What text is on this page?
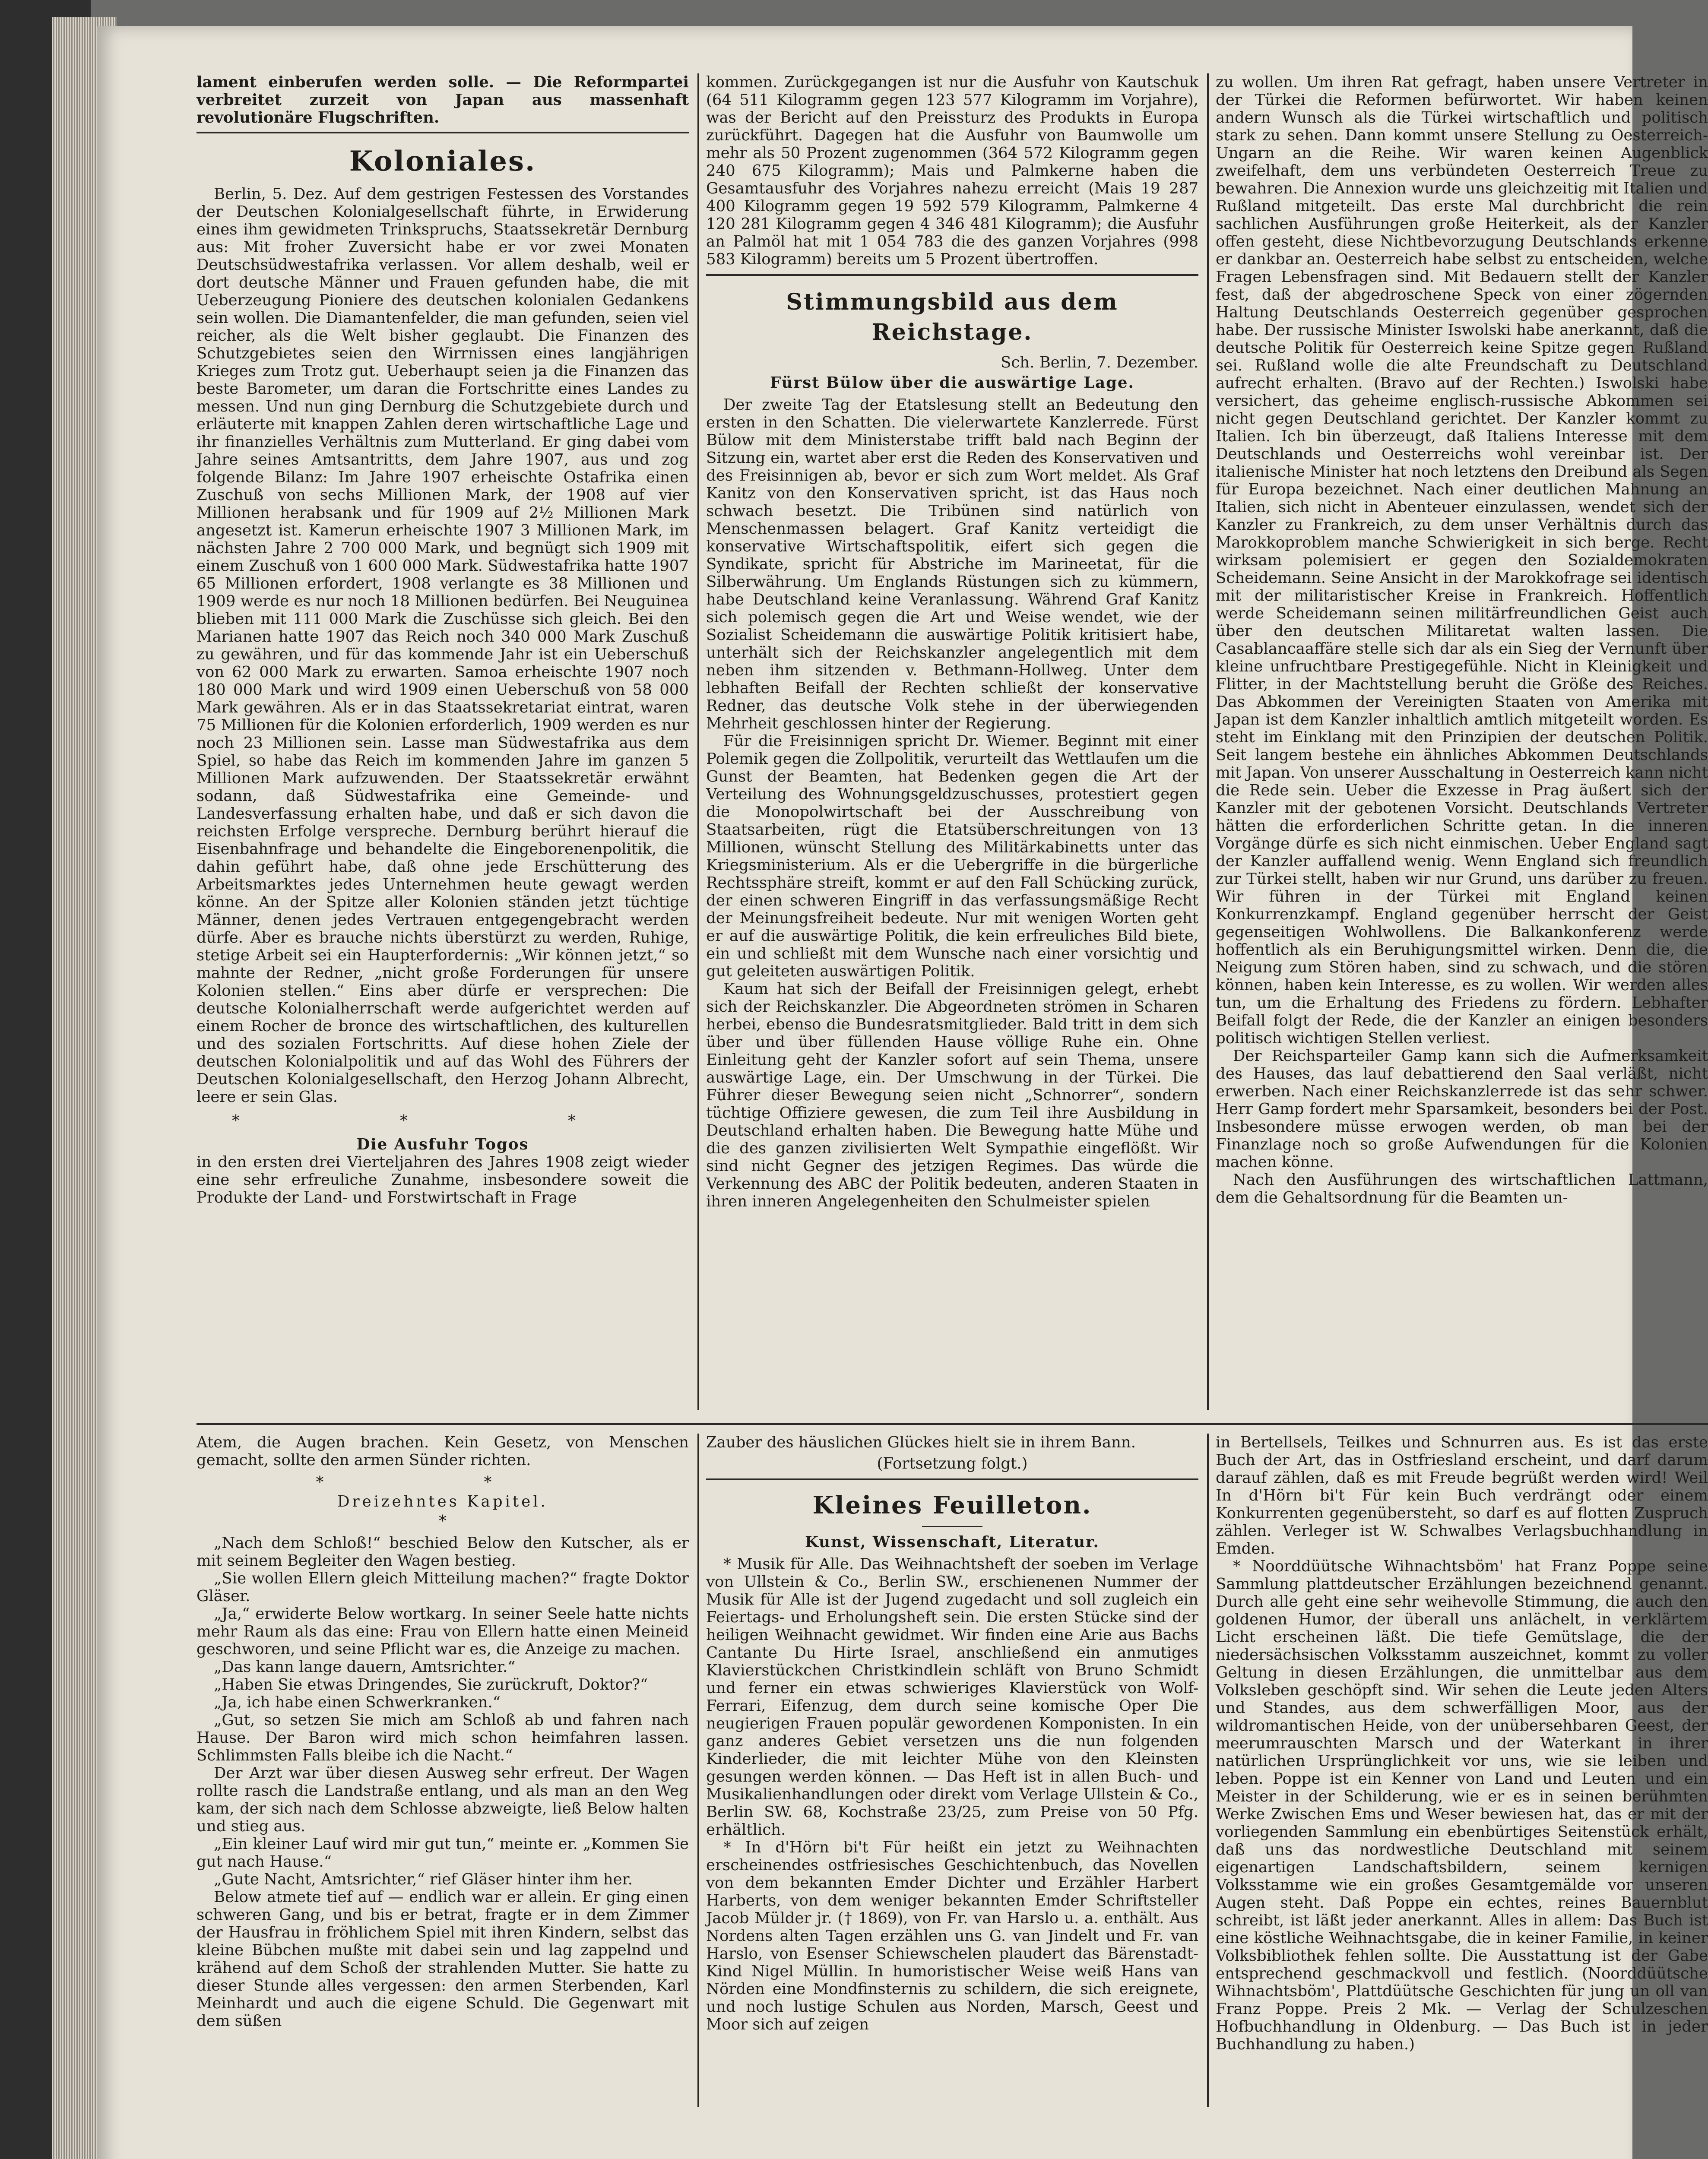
lament einberufen werden solle. — Die Reformpartei verbreitet zurzeit von Japan aus massenhaft revolutionäre Flugschriften.

Koloniales.

Berlin, 5. Dez. Auf dem gestrigen Festessen des Vorstandes der Deutschen Kolonialgesellschaft führte, in Erwiderung eines ihm gewidmeten Trinkspruchs, Staatssekretär Dernburg aus: Mit froher Zuversicht habe er vor zwei Monaten Deutschsüdwestafrika verlassen. Vor allem deshalb, weil er dort deutsche Männer und Frauen gefunden habe, die mit Ueberzeugung Pioniere des deutschen kolonialen Gedankens sein wollen. Die Diamantenfelder, die man gefunden, seien viel reicher, als die Welt bisher geglaubt. Die Finanzen des Schutzgebietes seien den Wirrnissen eines langjährigen Krieges zum Trotz gut. Ueberhaupt seien ja die Finanzen das beste Barometer, um daran die Fortschritte eines Landes zu messen. Und nun ging Dernburg die Schutzgebiete durch und erläuterte mit knappen Zahlen deren wirtschaftliche Lage und ihr finanzielles Verhältnis zum Mutterland. Er ging dabei vom Jahre seines Amtsantritts, dem Jahre 1907, aus und zog folgende Bilanz: Im Jahre 1907 erheischte Ostafrika einen Zuschuß von sechs Millionen Mark, der 1908 auf vier Millionen herabsank und für 1909 auf 2½ Millionen Mark angesetzt ist. Kamerun erheischte 1907 3 Millionen Mark, im nächsten Jahre 2 700 000 Mark, und begnügt sich 1909 mit einem Zuschuß von 1 600 000 Mark. Südwestafrika hatte 1907 65 Millionen erfordert, 1908 verlangte es 38 Millionen und 1909 werde es nur noch 18 Millionen bedürfen. Bei Neuguinea blieben mit 111 000 Mark die Zuschüsse sich gleich. Bei den Marianen hatte 1907 das Reich noch 340 000 Mark Zuschuß zu gewähren, und für das kommende Jahr ist ein Ueberschuß von 62 000 Mark zu erwarten. Samoa erheischte 1907 noch 180 000 Mark und wird 1909 einen Ueberschuß von 58 000 Mark gewähren. Als er in das Staatssekretariat eintrat, waren 75 Millionen für die Kolonien erforderlich, 1909 werden es nur noch 23 Millionen sein. Lasse man Südwestafrika aus dem Spiel, so habe das Reich im kommenden Jahre im ganzen 5 Millionen Mark aufzuwenden. Der Staatssekretär erwähnt sodann, daß Südwestafrika eine Gemeinde- und Landesverfassung erhalten habe, und daß er sich davon die reichsten Erfolge verspreche. Dernburg berührt hierauf die Eisenbahnfrage und behandelte die Eingeborenenpolitik, die dahin geführt habe, daß ohne jede Erschütterung des Arbeitsmarktes jedes Unternehmen heute gewagt werden könne. An der Spitze aller Kolonien ständen jetzt tüchtige Männer, denen jedes Vertrauen entgegengebracht werden dürfe. Aber es brauche nichts überstürzt zu werden, Ruhige, stetige Arbeit sei ein Haupterfordernis: „Wir können jetzt,“ so mahnte der Redner, „nicht große Forderungen für unsere Kolonien stellen.“ Eins aber dürfe er versprechen: Die deutsche Kolonialherrschaft werde aufgerichtet werden auf einem Rocher de bronce des wirtschaftlichen, des kulturellen und des sozialen Fortschritts. Auf diese hohen Ziele der deutschen Kolonialpolitik und auf das Wohl des Führers der Deutschen Kolonialgesellschaft, den Herzog Johann Albrecht, leere er sein Glas.

* * *

Die Ausfuhr Togos

in den ersten drei Vierteljahren des Jahres 1908 zeigt wieder eine sehr erfreuliche Zunahme, insbesondere soweit die Produkte der Land- und Forstwirtschaft in Frage

kommen. Zurückgegangen ist nur die Ausfuhr von Kautschuk (64 511 Kilogramm gegen 123 577 Kilogramm im Vorjahre), was der Bericht auf den Preissturz des Produkts in Europa zurückführt. Dagegen hat die Ausfuhr von Baumwolle um mehr als 50 Prozent zugenommen (364 572 Kilogramm gegen 240 675 Kilogramm); Mais und Palmkerne haben die Gesamtausfuhr des Vorjahres nahezu erreicht (Mais 19 287 400 Kilogramm gegen 19 592 579 Kilogramm, Palmkerne 4 120 281 Kilogramm gegen 4 346 481 Kilogramm); die Ausfuhr an Palmöl hat mit 1 054 783 die des ganzen Vorjahres (998 583 Kilogramm) bereits um 5 Prozent übertroffen.

Stimmungsbild aus dem Reichstage.

Sch. Berlin, 7. Dezember.

Fürst Bülow über die auswärtige Lage.

Der zweite Tag der Etatslesung stellt an Bedeutung den ersten in den Schatten. Die vielerwartete Kanzlerrede. Fürst Bülow mit dem Ministerstabe trifft bald nach Beginn der Sitzung ein, wartet aber erst die Reden des Konservativen und des Freisinnigen ab, bevor er sich zum Wort meldet. Als Graf Kanitz von den Konservativen spricht, ist das Haus noch schwach besetzt. Die Tribünen sind natürlich von Menschenmassen belagert. Graf Kanitz verteidigt die konservative Wirtschaftspolitik, eifert sich gegen die Syndikate, spricht für Abstriche im Marineetat, für die Silberwährung. Um Englands Rüstungen sich zu kümmern, habe Deutschland keine Veranlassung. Während Graf Kanitz sich polemisch gegen die Art und Weise wendet, wie der Sozialist Scheidemann die auswärtige Politik kritisiert habe, unterhält sich der Reichskanzler angelegentlich mit dem neben ihm sitzenden v. Bethmann-Hollweg. Unter dem lebhaften Beifall der Rechten schließt der konservative Redner, das deutsche Volk stehe in der überwiegenden Mehrheit geschlossen hinter der Regierung.

Für die Freisinnigen spricht Dr. Wiemer. Beginnt mit einer Polemik gegen die Zollpolitik, verurteilt das Wettlaufen um die Gunst der Beamten, hat Bedenken gegen die Art der Verteilung des Wohnungsgeldzuschusses, protestiert gegen die Monopolwirtschaft bei der Ausschreibung von Staatsarbeiten, rügt die Etatsüberschreitungen von 13 Millionen, wünscht Stellung des Militärkabinetts unter das Kriegsministerium. Als er die Uebergriffe in die bürgerliche Rechtssphäre streift, kommt er auf den Fall Schücking zurück, der einen schweren Eingriff in das verfassungsmäßige Recht der Meinungsfreiheit bedeute. Nur mit wenigen Worten geht er auf die auswärtige Politik, die kein erfreuliches Bild biete, ein und schließt mit dem Wunsche nach einer vorsichtig und gut geleiteten auswärtigen Politik.

Kaum hat sich der Beifall der Freisinnigen gelegt, erhebt sich der Reichskanzler. Die Abgeordneten strömen in Scharen herbei, ebenso die Bundesratsmitglieder. Bald tritt in dem sich über und über füllenden Hause völlige Ruhe ein. Ohne Einleitung geht der Kanzler sofort auf sein Thema, unsere auswärtige Lage, ein. Der Umschwung in der Türkei. Die Führer dieser Bewegung seien nicht „Schnorrer“, sondern tüchtige Offiziere gewesen, die zum Teil ihre Ausbildung in Deutschland erhalten haben. Die Bewegung hatte Mühe und die des ganzen zivilisierten Welt Sympathie eingeflößt. Wir sind nicht Gegner des jetzigen Regimes. Das würde die Verkennung des ABC der Politik bedeuten, anderen Staaten in ihren inneren Angelegenheiten den Schulmeister spielen

zu wollen. Um ihren Rat gefragt, haben unsere Vertreter in der Türkei die Reformen befürwortet. Wir haben keinen andern Wunsch als die Türkei wirtschaftlich und politisch stark zu sehen. Dann kommt unsere Stellung zu Oesterreich-Ungarn an die Reihe. Wir waren keinen Augenblick zweifelhaft, dem uns verbündeten Oesterreich Treue zu bewahren. Die Annexion wurde uns gleichzeitig mit Italien und Rußland mitgeteilt. Das erste Mal durchbricht die rein sachlichen Ausführungen große Heiterkeit, als der Kanzler offen gesteht, diese Nichtbevorzugung Deutschlands erkenne er dankbar an. Oesterreich habe selbst zu entscheiden, welche Fragen Lebensfragen sind. Mit Bedauern stellt der Kanzler fest, daß der abgedroschene Speck von einer zögernden Haltung Deutschlands Oesterreich gegenüber gesprochen habe. Der russische Minister Iswolski habe anerkannt, daß die deutsche Politik für Oesterreich keine Spitze gegen Rußland sei. Rußland wolle die alte Freundschaft zu Deutschland aufrecht erhalten. (Bravo auf der Rechten.) Iswolski habe versichert, das geheime englisch-russische Abkommen sei nicht gegen Deutschland gerichtet. Der Kanzler kommt zu Italien. Ich bin überzeugt, daß Italiens Interesse mit dem Deutschlands und Oesterreichs wohl vereinbar ist. Der italienische Minister hat noch letztens den Dreibund als Segen für Europa bezeichnet. Nach einer deutlichen Mahnung an Italien, sich nicht in Abenteuer einzulassen, wendet sich der Kanzler zu Frankreich, zu dem unser Verhältnis durch das Marokkoproblem manche Schwierigkeit in sich berge. Recht wirksam polemisiert er gegen den Sozialdemokraten Scheidemann. Seine Ansicht in der Marokkofrage sei identisch mit der militaristischer Kreise in Frankreich. Hoffentlich werde Scheidemann seinen militärfreundlichen Geist auch über den deutschen Militaretat walten lassen. Die Casablancaaffäre stelle sich dar als ein Sieg der Vernunft über kleine unfruchtbare Prestigegefühle. Nicht in Kleinigkeit und Flitter, in der Machtstellung beruht die Größe des Reiches. Das Abkommen der Vereinigten Staaten von Amerika mit Japan ist dem Kanzler inhaltlich amtlich mitgeteilt worden. Es steht im Einklang mit den Prinzipien der deutschen Politik. Seit langem bestehe ein ähnliches Abkommen Deutschlands mit Japan. Von unserer Ausschaltung in Oesterreich kann nicht die Rede sein. Ueber die Exzesse in Prag äußert sich der Kanzler mit der gebotenen Vorsicht. Deutschlands Vertreter hätten die erforderlichen Schritte getan. In die inneren Vorgänge dürfe es sich nicht einmischen. Ueber England sagt der Kanzler auffallend wenig. Wenn England sich freundlich zur Türkei stellt, haben wir nur Grund, uns darüber zu freuen. Wir führen in der Türkei mit England keinen Konkurrenzkampf. England gegenüber herrscht der Geist gegenseitigen Wohlwollens. Die Balkankonferenz werde hoffentlich als ein Beruhigungsmittel wirken. Denn die, die Neigung zum Stören haben, sind zu schwach, und die stören können, haben kein Interesse, es zu wollen. Wir werden alles tun, um die Erhaltung des Friedens zu fördern. Lebhafter Beifall folgt der Rede, die der Kanzler an einigen besonders politisch wichtigen Stellen verliest.

Der Reichsparteiler Gamp kann sich die Aufmerksamkeit des Hauses, das lauf debattierend den Saal verläßt, nicht erwerben. Nach einer Reichskanzlerrede ist das sehr schwer. Herr Gamp fordert mehr Sparsamkeit, besonders bei der Post. Insbesondere müsse erwogen werden, ob man bei der Finanzlage noch so große Aufwendungen für die Kolonien machen könne.

Nach den Ausführungen des wirtschaftlichen Lattmann, dem die Gehaltsordnung für die Beamten un-

Atem, die Augen brachen. Kein Gesetz, von Menschen gemacht, sollte den armen Sünder richten.

* *

Dreizehntes Kapitel.

*

„Nach dem Schloß!“ beschied Below den Kutscher, als er mit seinem Begleiter den Wagen bestieg.

„Sie wollen Ellern gleich Mitteilung machen?“ fragte Doktor Gläser.

„Ja,“ erwiderte Below wortkarg. In seiner Seele hatte nichts mehr Raum als das eine: Frau von Ellern hatte einen Meineid geschworen, und seine Pflicht war es, die Anzeige zu machen.

„Das kann lange dauern, Amtsrichter.“

„Haben Sie etwas Dringendes, Sie zurückruft, Doktor?“

„Ja, ich habe einen Schwerkranken.“

„Gut, so setzen Sie mich am Schloß ab und fahren nach Hause. Der Baron wird mich schon heimfahren lassen. Schlimmsten Falls bleibe ich die Nacht.“

Der Arzt war über diesen Ausweg sehr erfreut. Der Wagen rollte rasch die Landstraße entlang, und als man an den Weg kam, der sich nach dem Schlosse abzweigte, ließ Below halten und stieg aus.

„Ein kleiner Lauf wird mir gut tun,“ meinte er. „Kommen Sie gut nach Hause.“

„Gute Nacht, Amtsrichter,“ rief Gläser hinter ihm her.

Below atmete tief auf — endlich war er allein. Er ging einen schweren Gang, und bis er betrat, fragte er in dem Zimmer der Hausfrau in fröhlichem Spiel mit ihren Kindern, selbst das kleine Bübchen mußte mit dabei sein und lag zappelnd und krähend auf dem Schoß der strahlenden Mutter. Sie hatte zu dieser Stunde alles vergessen: den armen Sterbenden, Karl Meinhardt und auch die eigene Schuld. Die Gegenwart mit dem süßen

Zauber des häuslichen Glückes hielt sie in ihrem Bann.

(Fortsetzung folgt.)

Kleines Feuilleton.

Kunst, Wissenschaft, Literatur.

* Musik für Alle. Das Weihnachtsheft der soeben im Verlage von Ullstein & Co., Berlin SW., erschienenen Nummer der Musik für Alle ist der Jugend zugedacht und soll zugleich ein Feiertags- und Erholungsheft sein. Die ersten Stücke sind der heiligen Weihnacht gewidmet. Wir finden eine Arie aus Bachs Cantante Du Hirte Israel, anschließend ein anmutiges Klavierstückchen Christkindlein schläft von Bruno Schmidt und ferner ein etwas schwieriges Klavierstück von Wolf-Ferrari, Eifenzug, dem durch seine komische Oper Die neugierigen Frauen populär gewordenen Komponisten. In ein ganz anderes Gebiet versetzen uns die nun folgenden Kinderlieder, die mit leichter Mühe von den Kleinsten gesungen werden können. — Das Heft ist in allen Buch- und Musikalienhandlungen oder direkt vom Verlage Ullstein & Co., Berlin SW. 68, Kochstraße 23/25, zum Preise von 50 Pfg. erhältlich.

* In d'Hörn bi't Für heißt ein jetzt zu Weihnachten erscheinendes ostfriesisches Geschichtenbuch, das Novellen von dem bekannten Emder Dichter und Erzähler Harbert Harberts, von dem weniger bekannten Emder Schriftsteller Jacob Mülder jr. († 1869), von Fr. van Harslo u. a. enthält. Aus Nordens alten Tagen erzählen uns G. van Jindelt und Fr. van Harslo, von Esenser Schiewschelen plaudert das Bärenstadt-Kind Nigel Müllin. In humoristischer Weise weiß Hans van Nörden eine Mondfinsternis zu schildern, die sich ereignete, und noch lustige Schulen aus Norden, Marsch, Geest und Moor sich auf zeigen

in Bertellsels, Teilkes und Schnurren aus. Es ist das erste Buch der Art, das in Ostfriesland erscheint, und darf darum darauf zählen, daß es mit Freude begrüßt werden wird! Weil In d'Hörn bi't Für kein Buch verdrängt oder einem Konkurrenten gegenübersteht, so darf es auf flotten Zuspruch zählen. Verleger ist W. Schwalbes Verlagsbuchhandlung in Emden.

* Noorddüütsche Wihnachtsböm' hat Franz Poppe seine Sammlung plattdeutscher Erzählungen bezeichnend genannt. Durch alle geht eine sehr weihevolle Stimmung, die auch den goldenen Humor, der überall uns anlächelt, in verklärtem Licht erscheinen läßt. Die tiefe Gemütslage, die der niedersächsischen Volksstamm auszeichnet, kommt zu voller Geltung in diesen Erzählungen, die unmittelbar aus dem Volksleben geschöpft sind. Wir sehen die Leute jeden Alters und Standes, aus dem schwerfälligen Moor, aus der wildromantischen Heide, von der unübersehbaren Geest, der meerumrauschten Marsch und der Waterkant in ihrer natürlichen Ursprünglichkeit vor uns, wie sie leiben und leben. Poppe ist ein Kenner von Land und Leuten und ein Meister in der Schilderung, wie er es in seinen berühmten Werke Zwischen Ems und Weser bewiesen hat, das er mit der vorliegenden Sammlung ein ebenbürtiges Seitenstück erhält, daß uns das nordwestliche Deutschland mit seinem eigenartigen Landschaftsbildern, seinem kernigen Volksstamme wie ein großes Gesamtgemälde vor unseren Augen steht. Daß Poppe ein echtes, reines Bauernblut schreibt, ist läßt jeder anerkannt. Alles in allem: Das Buch ist eine köstliche Weihnachtsgabe, die in keiner Familie, in keiner Volksbibliothek fehlen sollte. Die Ausstattung ist der Gabe entsprechend geschmackvoll und festlich. (Noorddüütsche Wihnachtsböm', Plattdüütsche Geschichten für jung un oll van Franz Poppe. Preis 2 Mk. — Verlag der Schulzeschen Hofbuchhandlung in Oldenburg. — Das Buch ist in jeder Buchhandlung zu haben.)
